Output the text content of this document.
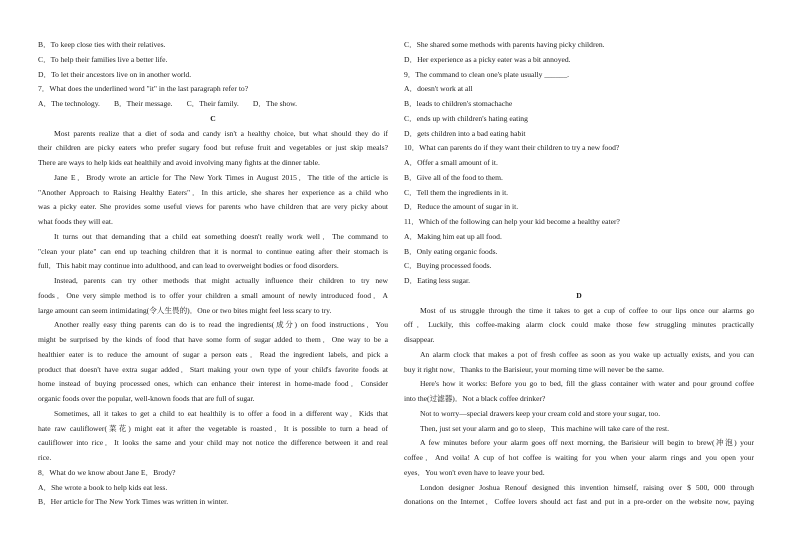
B．To keep close ties with their relatives.
C．To help their families live a better life.
D．To let their ancestors live on in another world.
7．What does the underlined word "it" in the last paragraph refer to?
A．The technology. B．Their message. C．Their family. D．The show.
C
Most parents realize that a diet of soda and candy isn't a healthy choice, but what should they do if
their children are picky eaters who prefer sugary food but refuse fruit and vegetables or just skip meals?
There are ways to help kids eat healthily and avoid involving many fights at the dinner table.
Jane E．Brody wrote an article for The New York Times in August 2015．The title of the article is
"Another Approach to Raising Healthy Eaters"．In this article, she shares her experience as a child who
was a picky eater. She provides some useful views for parents who have children that are very picky about
what foods they will eat.
It turns out that demanding that a child eat something doesn't really work well．The command to
"clean your plate" can end up teaching children that it is normal to continue eating after their stomach is
full．This habit may continue into adulthood, and can lead to overweight bodies or food disorders.
Instead, parents can try other methods that might actually influence their children to try new
foods．One very simple method is to offer your children a small amount of newly introduced food．A
large amount can seem intimidating(令人生畏的)．One or two bites might feel less scary to try.
Another really easy thing parents can do is to read the ingredients(成分) on food instructions．You
might be surprised by the kinds of food that have some form of sugar added to them．One way to be a
healthier eater is to reduce the amount of sugar a person eats．Read the ingredient labels, and pick a
product that doesn't have extra sugar added．Start making your own type of your child's favorite foods at
home instead of buying processed ones, which can enhance their interest in home-made food．Consider
organic foods over the popular, well-known foods that are full of sugar.
Sometimes, all it takes to get a child to eat healthily is to offer a food in a different way．Kids that
hate raw cauliflower(菜花) might eat it after the vegetable is roasted．It is possible to turn a head of
cauliflower into rice．It looks the same and your child may not notice the difference between it and real
rice.
8．What do we know about Jane E．Brody?
A．She wrote a book to help kids eat less.
B．Her article for The New York Times was written in winter.
C．She shared some methods with parents having picky children.
D．Her experience as a picky eater was a bit annoyed.
9．The command to clean one's plate usually ______.
A．doesn't work at all
B．leads to children's stomachache
C．ends up with children's hating eating
D．gets children into a bad eating habit
10．What can parents do if they want their children to try a new food?
A．Offer a small amount of it.
B．Give all of the food to them.
C．Tell them the ingredients in it.
D．Reduce the amount of sugar in it.
11．Which of the following can help your kid become a healthy eater?
A．Making him eat up all food.
B．Only eating organic foods.
C．Buying processed foods.
D．Eating less sugar.
D
Most of us struggle through the time it takes to get a cup of coffee to our lips once our alarms go
off．Luckily, this coffee-making alarm clock could make those few struggling minutes practically
disappear.
An alarm clock that makes a pot of fresh coffee as soon as you wake up actually exists, and you can
buy it right now．Thanks to the Barisieur, your morning time will never be the same.
Here's how it works: Before you go to bed, fill the glass container with water and pour ground coffee
into the(过滤器)．Not a black coffee drinker?
Not to worry—special drawers keep your cream cold and store your sugar, too.
Then, just set your alarm and go to sleep．This machine will take care of the rest.
A few minutes before your alarm goes off next morning, the Barisieur will begin to brew(冲泡) your
coffee．And voila! A cup of hot coffee is waiting for you when your alarm rings and you open your
eyes．You won't even have to leave your bed.
London designer Joshua Renouf designed this invention himself, raising over $ 500, 000 through
donations on the Internet．Coffee lovers should act fast and put in a pre-order on the website now, paying
